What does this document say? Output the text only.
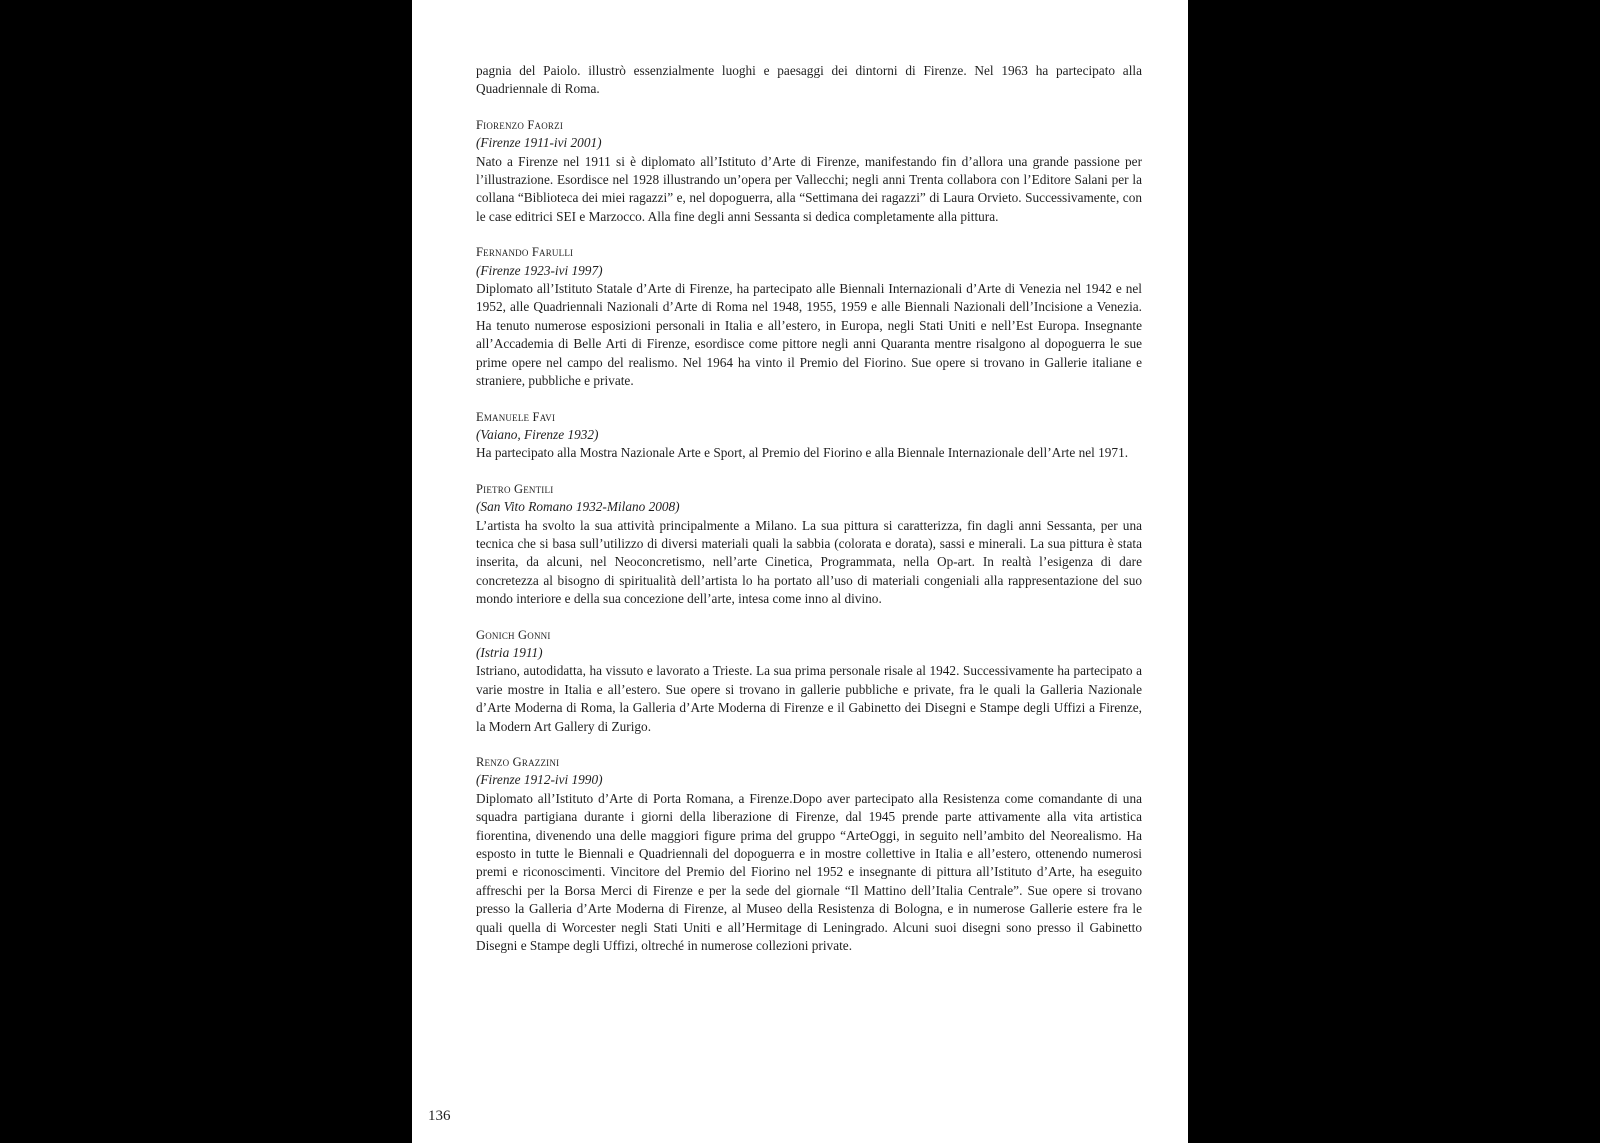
pagnia del Paiolo. illustrò essenzialmente luoghi e paesaggi dei dintorni di Firenze. Nel 1963 ha partecipato alla Quadriennale di Roma.

Fiorenzo Faorzi

(Firenze 1911-ivi 2001)

Nato a Firenze nel 1911 si è diplomato all’Istituto d’Arte di Firenze, manifestando fin d’allora una grande passione per l’illustrazione. Esordisce nel 1928 illustrando un’opera per Vallecchi; negli anni Trenta collabora con l’Editore Salani per la collana “Biblioteca dei miei ragazzi” e, nel dopoguerra, alla “Settimana dei ragazzi” di Laura Orvieto. Successivamente, con le case editrici SEI e Marzocco. Alla fine degli anni Sessanta si dedica completamente alla pittura.

Fernando Farulli

(Firenze 1923-ivi 1997)

Diplomato all’Istituto Statale d’Arte di Firenze, ha partecipato alle Biennali Internazionali d’Arte di Venezia nel 1942 e nel 1952, alle Quadriennali Nazionali d’Arte di Roma nel 1948, 1955, 1959 e alle Biennali Nazionali dell’Incisione a Venezia. Ha tenuto numerose esposizioni personali in Italia e all’estero, in Europa, negli Stati Uniti e nell’Est Europa. Insegnante all’Accademia di Belle Arti di Firenze, esordisce come pittore negli anni Quaranta mentre risalgono al dopoguerra le sue prime opere nel campo del realismo. Nel 1964 ha vinto il Premio del Fiorino. Sue opere si trovano in Gallerie italiane e straniere, pubbliche e private.

Emanuele Favi

(Vaiano, Firenze 1932)

Ha partecipato alla Mostra Nazionale Arte e Sport, al Premio del Fiorino e alla Biennale Internazionale dell’Arte nel 1971.

Pietro Gentili

(San Vito Romano 1932-Milano 2008)

L’artista ha svolto la sua attività principalmente a Milano. La sua pittura si caratterizza, fin dagli anni Sessanta, per una tecnica che si basa sull’utilizzo di diversi materiali quali la sabbia (colorata e dorata), sassi e minerali. La sua pittura è stata inserita, da alcuni, nel Neoconcretismo, nell’arte Cinetica, Programmata, nella Op-art. In realtà l’esigenza di dare concretezza al bisogno di spiritualità dell’artista lo ha portato all’uso di materiali congeniali alla rappresentazione del suo mondo interiore e della sua concezione dell’arte, intesa come inno al divino.

Gonich Gonni

(Istria 1911)

Istriano, autodidatta, ha vissuto e lavorato a Trieste. La sua prima personale risale al 1942. Successivamente ha partecipato a varie mostre in Italia e all’estero. Sue opere si trovano in gallerie pubbliche e private, fra le quali la Galleria Nazionale d’Arte Moderna di Roma, la Galleria d’Arte Moderna di Firenze e il Gabinetto dei Disegni e Stampe degli Uffizi a Firenze, la Modern Art Gallery di Zurigo.

Renzo Grazzini

(Firenze 1912-ivi 1990)

Diplomato all’Istituto d’Arte di Porta Romana, a Firenze.Dopo aver partecipato alla Resistenza come comandante di una squadra partigiana durante i giorni della liberazione di Firenze, dal 1945 prende parte attivamente alla vita artistica fiorentina, divenendo una delle maggiori figure prima del gruppo “ArteOggi, in seguito nell’ambito del Neorealismo. Ha esposto in tutte le Biennali e Quadriennali del dopoguerra e in mostre collettive in Italia e all’estero, ottenendo numerosi premi e riconoscimenti. Vincitore del Premio del Fiorino nel 1952 e insegnante di pittura all’Istituto d’Arte, ha eseguito affreschi per la Borsa Merci di Firenze e per la sede del giornale “Il Mattino dell’Italia Centrale”. Sue opere si trovano presso la Galleria d’Arte Moderna di Firenze, al Museo della Resistenza di Bologna, e in numerose Gallerie estere fra le quali quella di Worcester negli Stati Uniti e all’Hermitage di Leningrado. Alcuni suoi disegni sono presso il Gabinetto Disegni e Stampe degli Uffizi, oltreché in numerose collezioni private.

136
